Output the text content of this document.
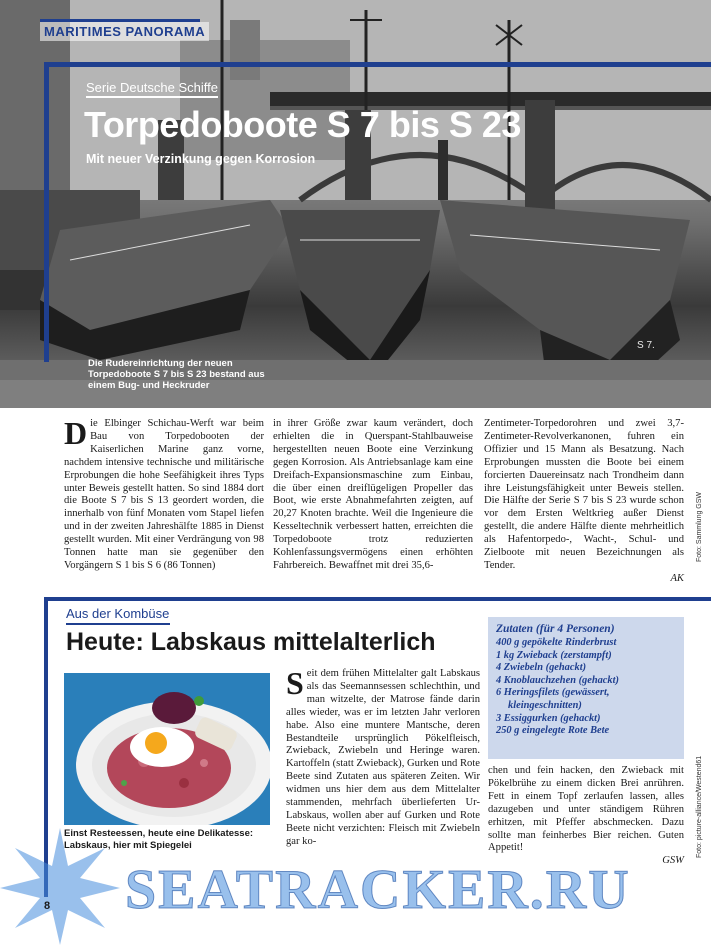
S 7.
MARITIMES PANORAMA
Serie Deutsche Schiffe
Torpedoboote S 7 bis S 23
Mit neuer Verzinkung gegen Korrosion
Die Rudereinrichtung der neuen Torpedoboote S 7 bis S 23 bestand aus einem Bug- und Heckruder
Die Elbinger Schichau-Werft war beim Bau von Torpedobooten der Kaiserlichen Marine ganz vorne, nachdem intensive technische und militärische Erprobungen die hohe Seefähigkeit ihres Typs unter Beweis gestellt hatten. So sind 1884 dort die Boote S 7 bis S 13 geordert worden, die innerhalb von fünf Monaten vom Stapel liefen und in der zweiten Jahreshälfte 1885 in Dienst gestellt wurden. Mit einer Verdrängung von 98 Tonnen hatte man sie gegenüber den Vorgängern S 1 bis S 6 (86 Tonnen)
in ihrer Größe zwar kaum verändert, doch erhielten die in Querspant-Stahlbauweise hergestellten neuen Boote eine Verzinkung gegen Korrosion. Als Antriebsanlage kam eine Dreifach-Expansionsmaschine zum Einbau, die über einen dreiflügeligen Propeller das Boot, wie erste Abnahmefahrten zeigten, auf 20,27 Knoten brachte. Weil die Ingenieure die Kesseltechnik verbessert hatten, erreichten die Torpedoboote trotz reduzierten Kohlenfassungsvermögens einen erhöhten Fahrbereich. Bewaffnet mit drei 35,6-
Zentimeter-Torpedorohren und zwei 3,7-Zentimeter-Revolverkanonen, fuhren ein Offizier und 15 Mann als Besatzung. Nach Erprobungen mussten die Boote bei einem forcierten Dauereinsatz nach Trondheim dann ihre Leistungsfähigkeit unter Beweis stellen. Die Hälfte der Serie S 7 bis S 23 wurde schon vor dem Ersten Weltkrieg außer Dienst gestellt, die andere Hälfte diente mehrheitlich als Hafentorpedo-, Wacht-, Schul- und Zielboote mit neuen Bezeichnungen als Tender.
AK
Foto: Sammlung GSW
Aus der Kombüse
Heute: Labskaus mittelalterlich
Einst Resteessen, heute eine Delikatesse: Labskaus, hier mit Spiegelei
Seit dem frühen Mittelalter galt Labskaus als das Seemannsessen schlechthin, und man witzelte, der Matrose fände darin alles wieder, was er im letzten Jahr verloren habe. Also eine muntere Mantsche, deren Bestandteile ursprünglich Pökelfleisch, Zwieback, Zwiebeln und Heringe waren. Kartoffeln (statt Zwieback), Gurken und Rote Beete sind Zutaten aus späteren Zeiten. Wir widmen uns hier dem aus dem Mittelalter stammenden, mehrfach überlieferten Ur-Labskaus, wollen aber auf Gurken und Rote Beete nicht verzichten: Fleisch mit Zwiebeln gar ko-
Zutaten (für 4 Personen)
400 g gepökelte Rinderbrust
1 kg Zwieback (zerstampft)
4 Zwiebeln (gehackt)
4 Knoblauchzehen (gehackt)
6 Heringsfilets (gewässert,
kleingeschnitten)
3 Essiggurken (gehackt)
250 g eingelegte Rote Bete
chen und fein hacken, den Zwieback mit Pökelbrühe zu einem dicken Brei anrühren. Fett in einem Topf zerlaufen lassen, alles dazugeben und unter ständigem Rühren erhitzen, mit Pfeffer abschmecken. Dazu sollte man feinherbes Bier reichen. Guten Appetit!
GSW
Foto: picture-alliance/Westend61
SEATRACKER.RU
8
